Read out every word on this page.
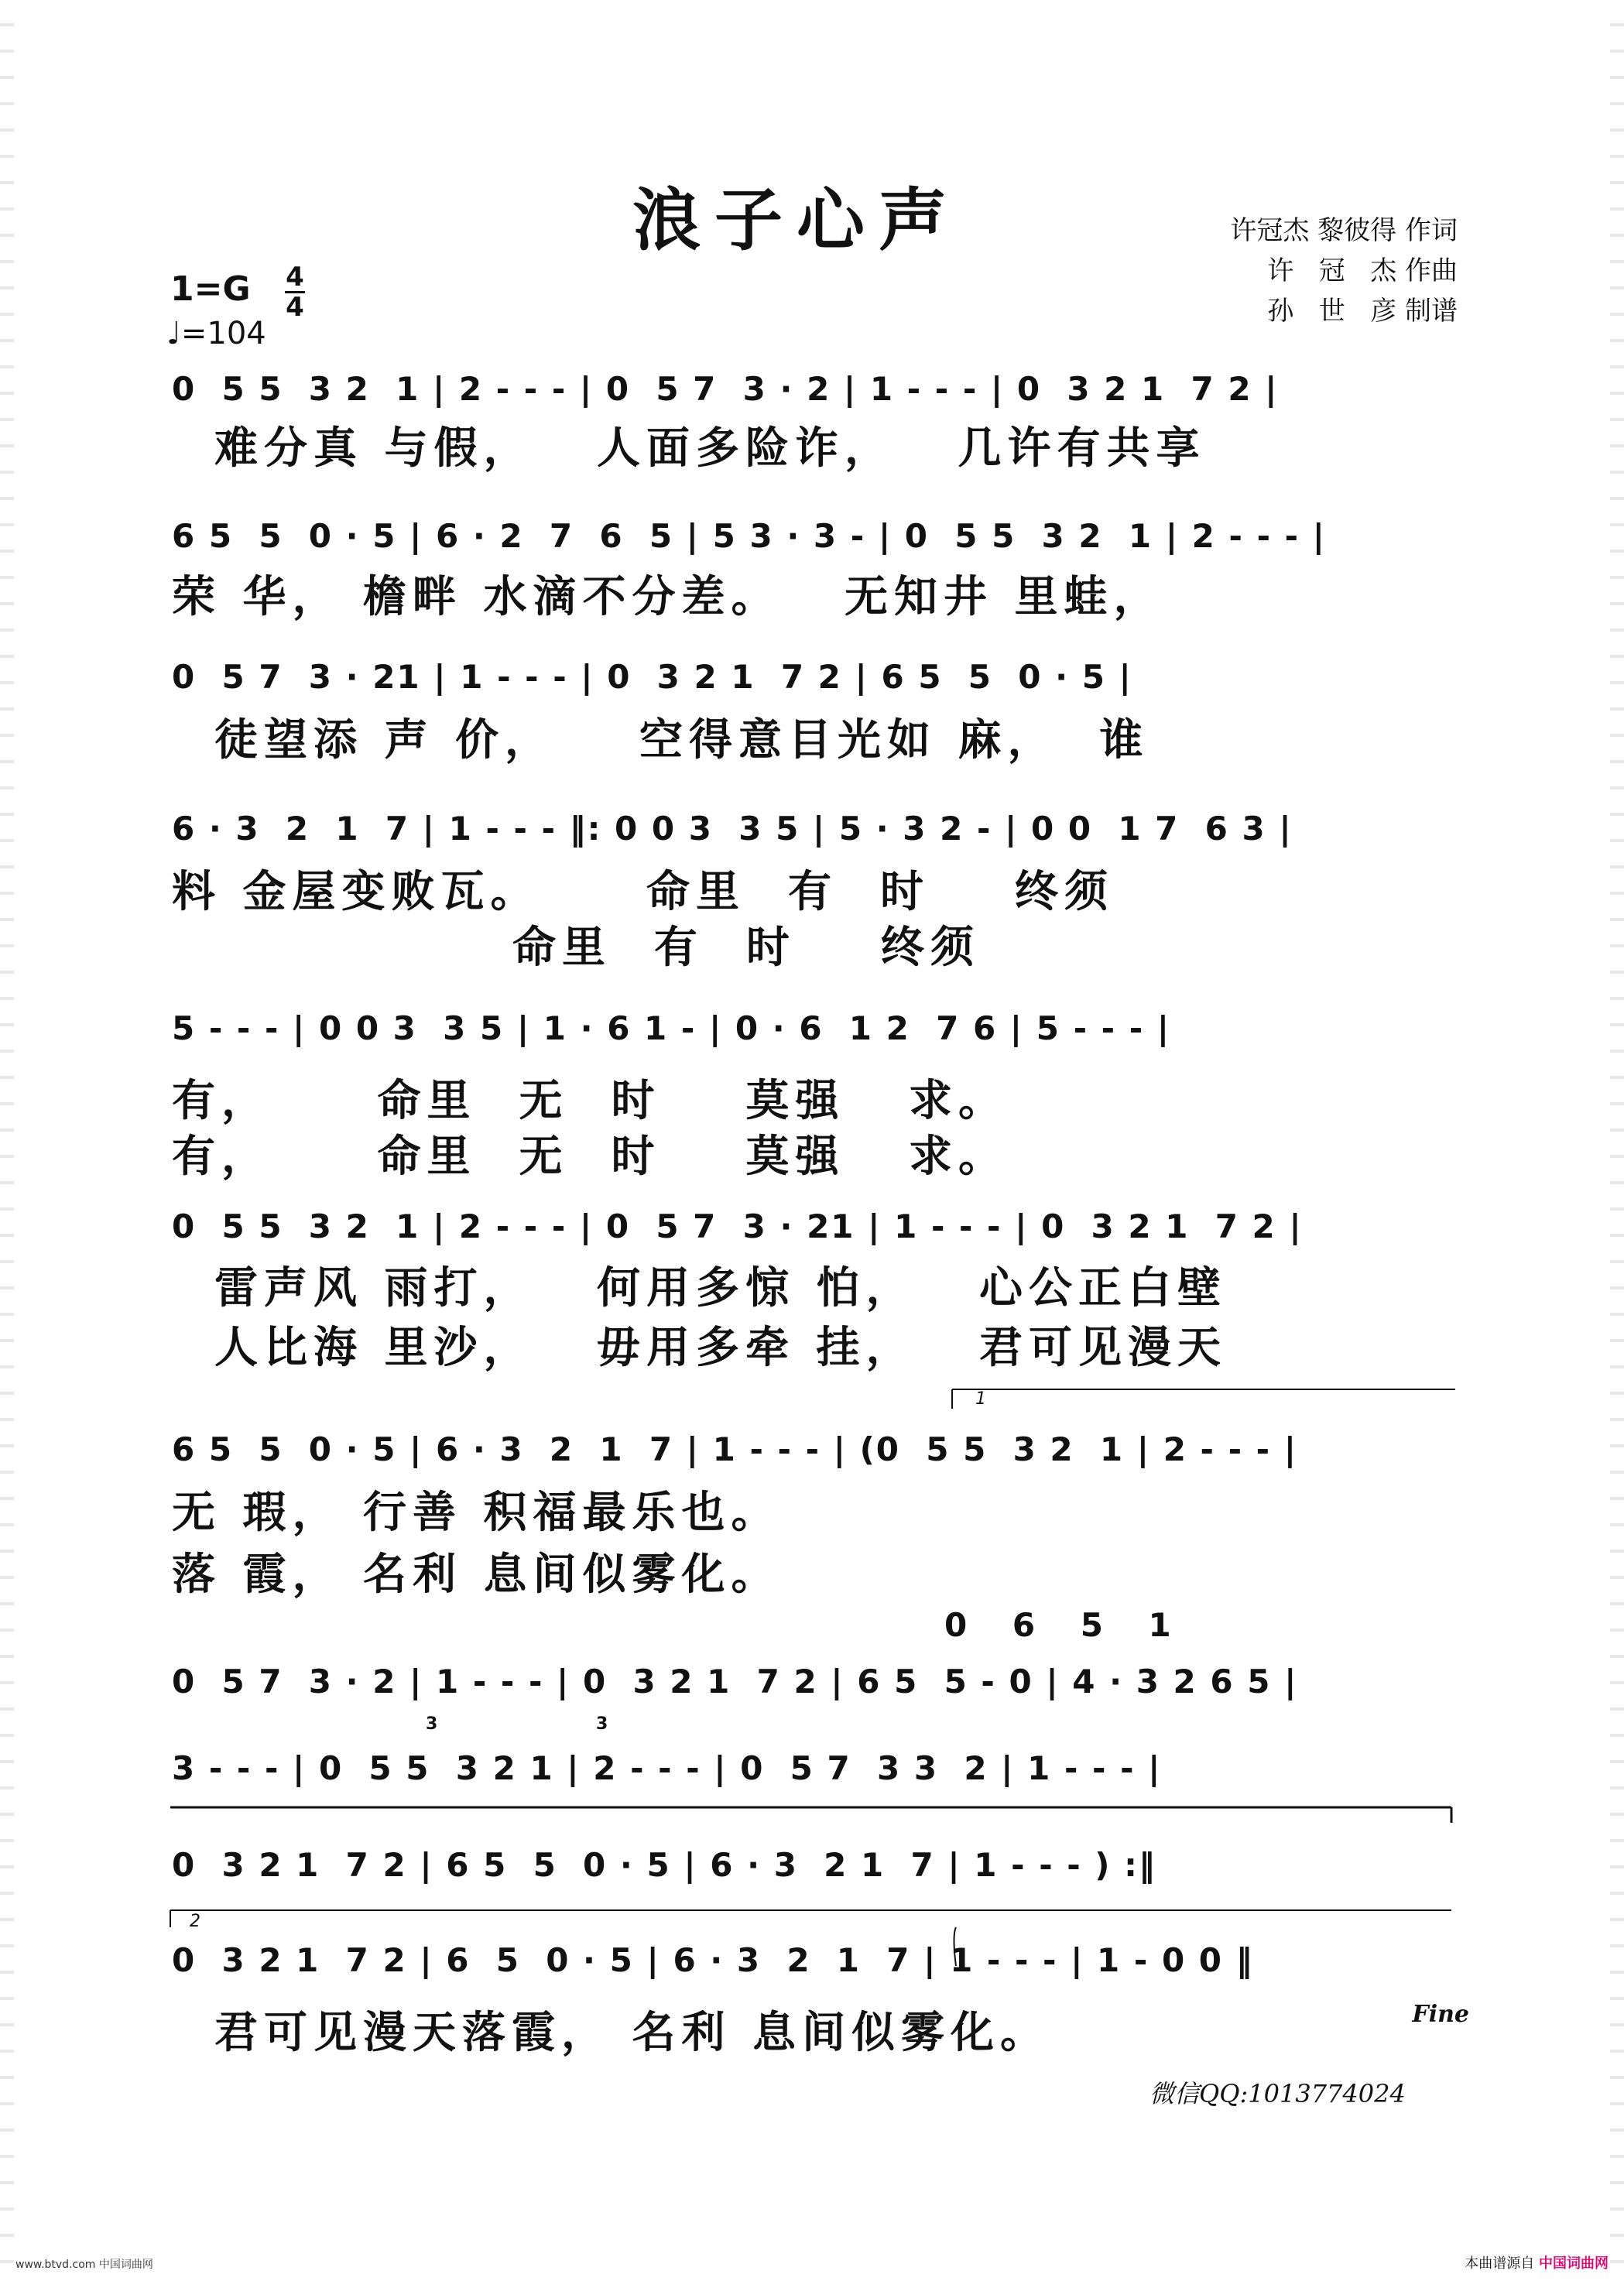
浪子心声	许冠杰 黎彼得 作词
许   冠   杰 作曲
孙   世   彦 制谱
1=G 4
4
♩=104
0  5 5  3 2  1 | 2 - - - | 0  5 7  3 · 2 | 1 - - - | 0  3 2 1  7 2 |
难分真 与假，   人面多险诈，   几许有共享
6 5  5  0 · 5 | 6 · 2  7  6  5 | 5 3 · 3 - | 0  5 5  3 2  1 | 2 - - - |
荣 华， 檐畔 水滴不分差。   无知井 里蛙，
0  5 7  3 · 21 | 1 - - - | 0  3 2 1  7 2 | 6 5  5  0 · 5 |
徒望添 声 价，    空得意目光如 麻，  谁
6 · 3  2  1  7 | 1 - - - ‖: 0 0 3  3 5 | 5 · 3 2 - | 0 0  1 7  6 3 |
料 金屋变败瓦。     命里  有  时    终须
命里  有  时    终须
5 - - - | 0 0 3  3 5 | 1 · 6 1 - | 0 · 6  1 2  7 6 | 5 - - - |
有，     命里  无  时    莫强   求。
有，     命里  无  时    莫强   求。
0  5 5  3 2  1 | 2 - - - | 0  5 7  3 · 21 | 1 - - - | 0  3 2 1  7 2 |
雷声风 雨打，   何用多惊 怕，   心公正白壁
人比海 里沙，   毋用多牵 挂，   君可见漫天
1
6 5  5  0 · 5 | 6 · 3  2  1  7 | 1 - - - | (0  5 5  3 2  1 | 2 - - - |
无 瑕， 行善 积福最乐也。
落 霞， 名利 息间似雾化。
0 6 5 1
0  5 7  3 · 2 | 1 - - - | 0  3 2 1  7 2 | 6 5  5 - 0 | 4 · 3 2 6 5 |
3	3
3 - - - | 0  5 5  3 2 1 | 2 - - - | 0  5 7  3 3  2 | 1 - - - |
0  3 2 1  7 2 | 6 5  5  0 · 5 | 6 · 3  2 1  7 | 1 - - - ) :‖
2
0  3 2 1  7 2 | 6  5  0 · 5 | 6 · 3  2  1  7 | 1 - - - | 1 - 0 0 ‖
君可见漫天落霞， 名利 息间似雾化。	Fine
微信QQ:1013774024
www.btvd.com 中国词曲网	本曲谱源自 中国词曲网
